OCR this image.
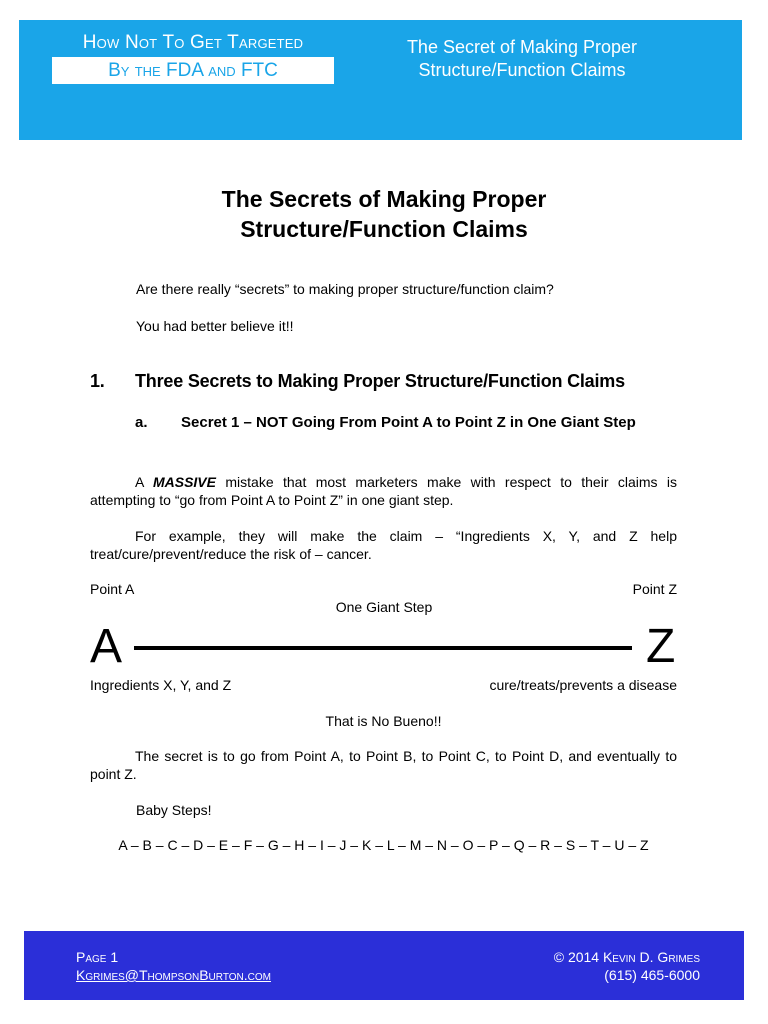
How Not To Get Targeted
By the FDA and FTC
The Secret of Making Proper Structure/Function Claims
The Secrets of Making Proper Structure/Function Claims

Are there really “secrets” to making proper structure/function claim?

You had better believe it!!

1. Three Secrets to Making Proper Structure/Function Claims
a. Secret 1 – NOT Going From Point A to Point Z in One Giant Step

A MASSIVE mistake that most marketers make with respect to their claims is attempting to “go from Point A to Point Z” in one giant step.

For example, they will make the claim – “Ingredients X, Y, and Z help treat/cure/prevent/reduce the risk of – cancer.

Point A	Point Z
One Giant Step
A	Z
Ingredients X, Y, and Z	cure/treats/prevents a disease

That is No Bueno!!

The secret is to go from Point A, to Point B, to Point C, to Point D, and eventually to point Z.

Baby Steps!

A – B – C – D – E – F – G – H – I – J – K – L – M – N – O – P – Q – R – S – T – U – Z

Page 1
Kgrimes@ThompsonBurton.com
© 2014 Kevin D. Grimes
(615) 465-6000
